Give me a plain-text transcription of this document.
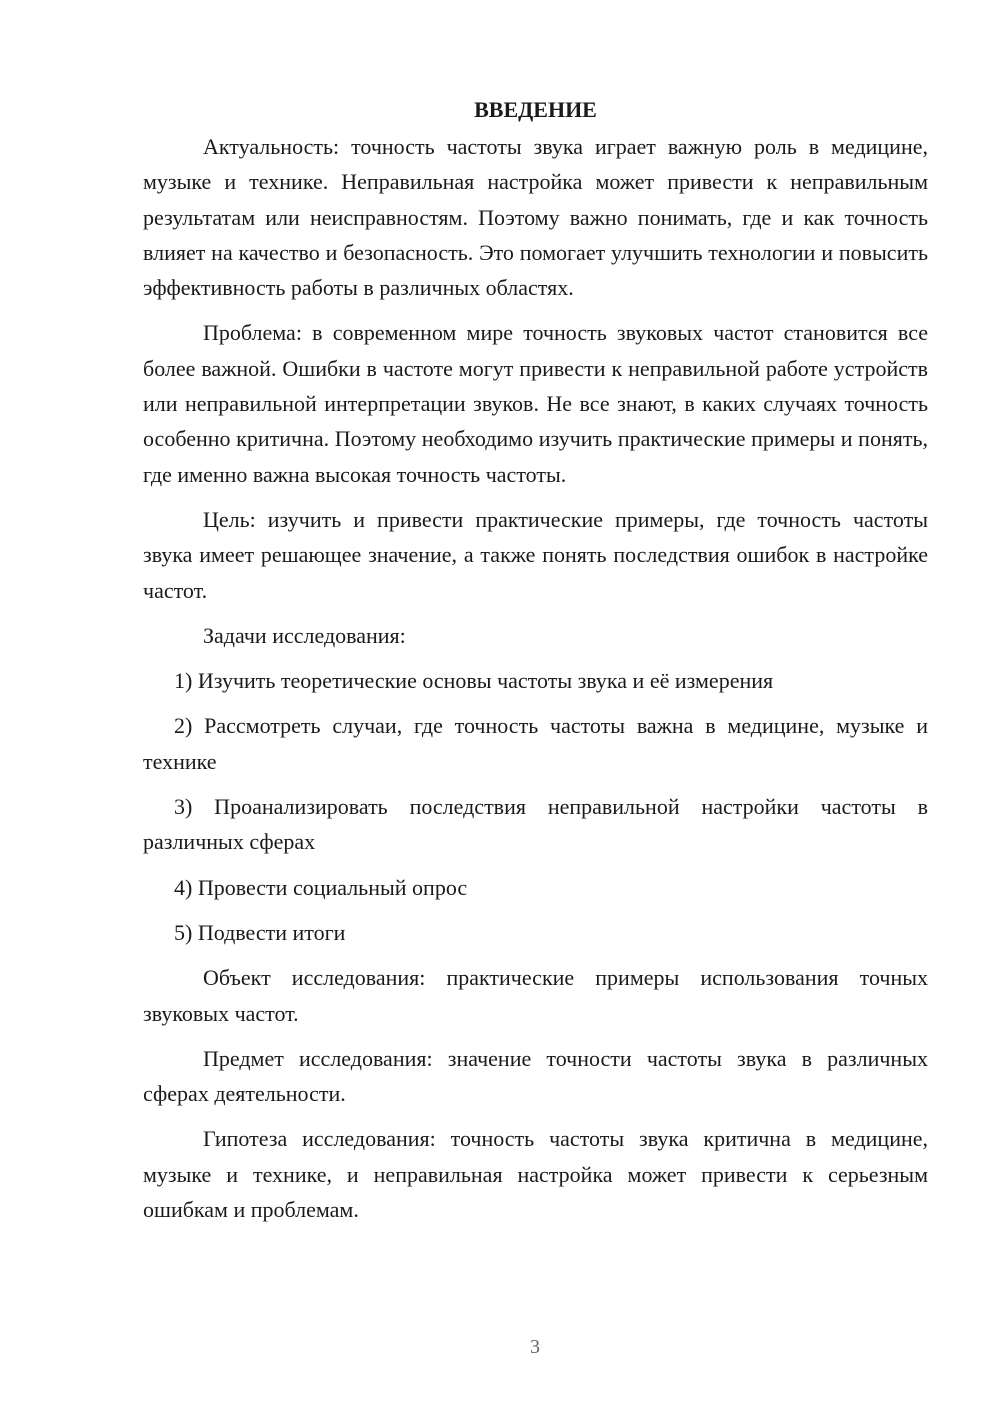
ВВЕДЕНИЕ

Актуальность: точность частоты звука играет важную роль в медицине, музыке и технике. Неправильная настройка может привести к неправильным результатам или неисправностям. Поэтому важно понимать, где и как точность влияет на качество и безопасность. Это помогает улучшить технологии и повысить эффективность работы в различных областях.

Проблема: в современном мире точность звуковых частот становится все более важной. Ошибки в частоте могут привести к неправильной работе устройств или неправильной интерпретации звуков. Не все знают, в каких случаях точность особенно критична. Поэтому необходимо изучить практические примеры и понять, где именно важна высокая точность частоты.

Цель: изучить и привести практические примеры, где точность частоты звука имеет решающее значение, а также понять последствия ошибок в настройке частот.

Задачи исследования:

1) Изучить теоретические основы частоты звука и её измерения

2) Рассмотреть случаи, где точность частоты важна в медицине, музыке и технике

3) Проанализировать последствия неправильной настройки частоты в различных сферах

4) Провести социальный опрос

5) Подвести итоги

Объект исследования: практические примеры использования точных звуковых частот.

Предмет исследования: значение точности частоты звука в различных сферах деятельности.

Гипотеза исследования: точность частоты звука критична в медицине, музыке и технике, и неправильная настройка может привести к серьезным ошибкам и проблемам.

3
